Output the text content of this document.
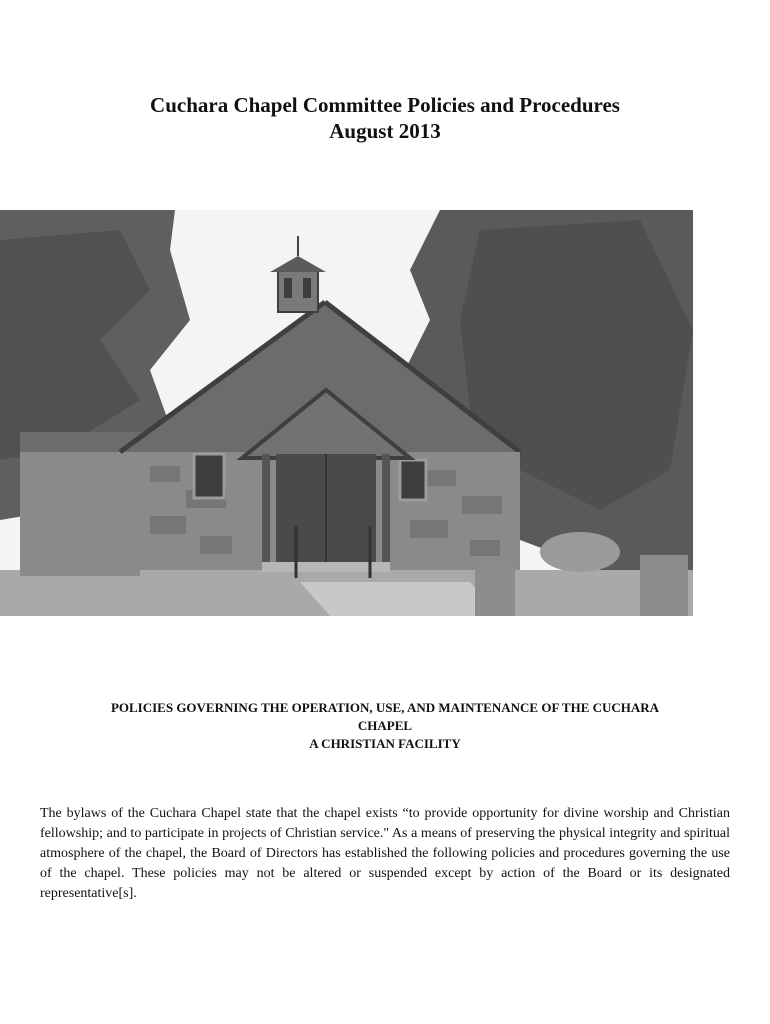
Cuchara Chapel Committee Policies and Procedures
August 2013
POLICIES GOVERNING THE OPERATION, USE, AND MAINTENANCE OF THE CUCHARA
CHAPEL
A CHRISTIAN FACILITY
The bylaws of the Cuchara Chapel state that the chapel exists “to provide opportunity for divine worship and Christian fellowship; and to participate in projects of Christian service." As a means of preserving the physical integrity and spiritual atmosphere of the chapel, the Board of Directors has established the following policies and procedures governing the use of the chapel. These policies may not be altered or suspended except by action of the Board or its designated representative[s].
